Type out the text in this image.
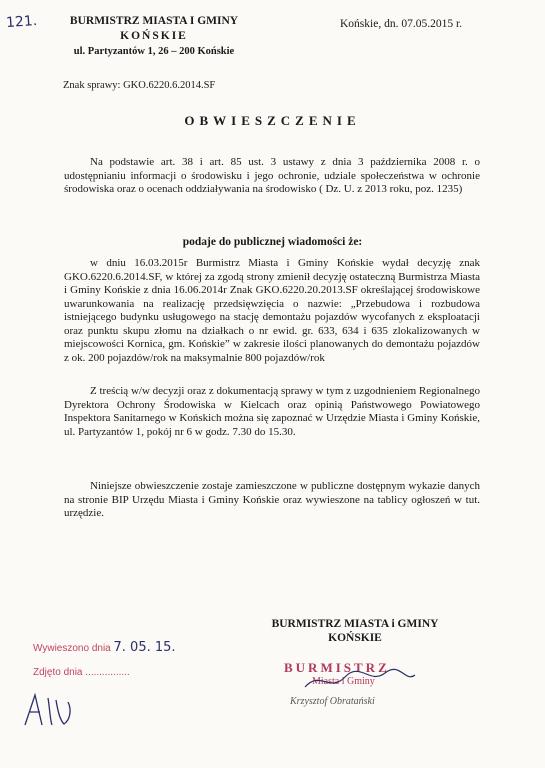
121.	BURMISTRZ MIASTA I GMINY
KOŃSKIE
ul. Partyzantów 1, 26 – 200 Końskie
Końskie, dn. 07.05.2015 r.
Znak sprawy: GKO.6220.6.2014.SF
OBWIESZCZENIE

Na podstawie art. 38 i art. 85 ust. 3 ustawy z dnia 3 października 2008 r. o udostępnianiu informacji o środowisku i jego ochronie, udziale społeczeństwa w ochronie środowiska oraz o ocenach oddziaływania na środowisko ( Dz. U. z 2013 roku, poz. 1235)

podaje do publicznej wiadomości że:

w dniu 16.03.2015r Burmistrz Miasta i Gminy Końskie wydał decyzję znak GKO.6220.6.2014.SF, w której za zgodą strony zmienił decyzję ostateczną Burmistrza Miasta i Gminy Końskie z dnia 16.06.2014r Znak GKO.6220.20.2013.SF określającej środowiskowe uwarunkowania na realizację przedsięwzięcia o nazwie: „Przebudowa i rozbudowa istniejącego budynku usługowego na stację demontażu pojazdów wycofanych z eksploatacji oraz punktu skupu złomu na działkach o nr ewid. gr. 633, 634 i 635 zlokalizowanych w miejscowości Kornica, gm. Końskie” w zakresie ilości planowanych do demontażu pojazdów z ok. 200 pojazdów/rok na maksymalnie 800 pojazdów/rok

Z treścią w/w decyzji oraz z dokumentacją sprawy w tym z uzgodnieniem Regionalnego Dyrektora Ochrony Środowiska w Kielcach oraz opinią Państwowego Powiatowego Inspektora Sanitarnego w Końskich można się zapoznać w Urzędzie Miasta i Gminy Końskie, ul. Partyzantów 1, pokój nr 6 w godz. 7.30 do 15.30.

Niniejsze obwieszczenie zostaje zamieszczone w publiczne dostępnym wykazie danych na stronie BIP Urzędu Miasta i Gminy Końskie oraz wywieszone na tablicy ogłoszeń w tut. urzędzie.

BURMISTRZ MIASTA i GMINY
KOŃSKIE
BURMISTRZ
Miasta i Gminy
Krzysztof Obratański
Wywieszono dnia 7. 05. 15.
Zdjęto dnia ................
